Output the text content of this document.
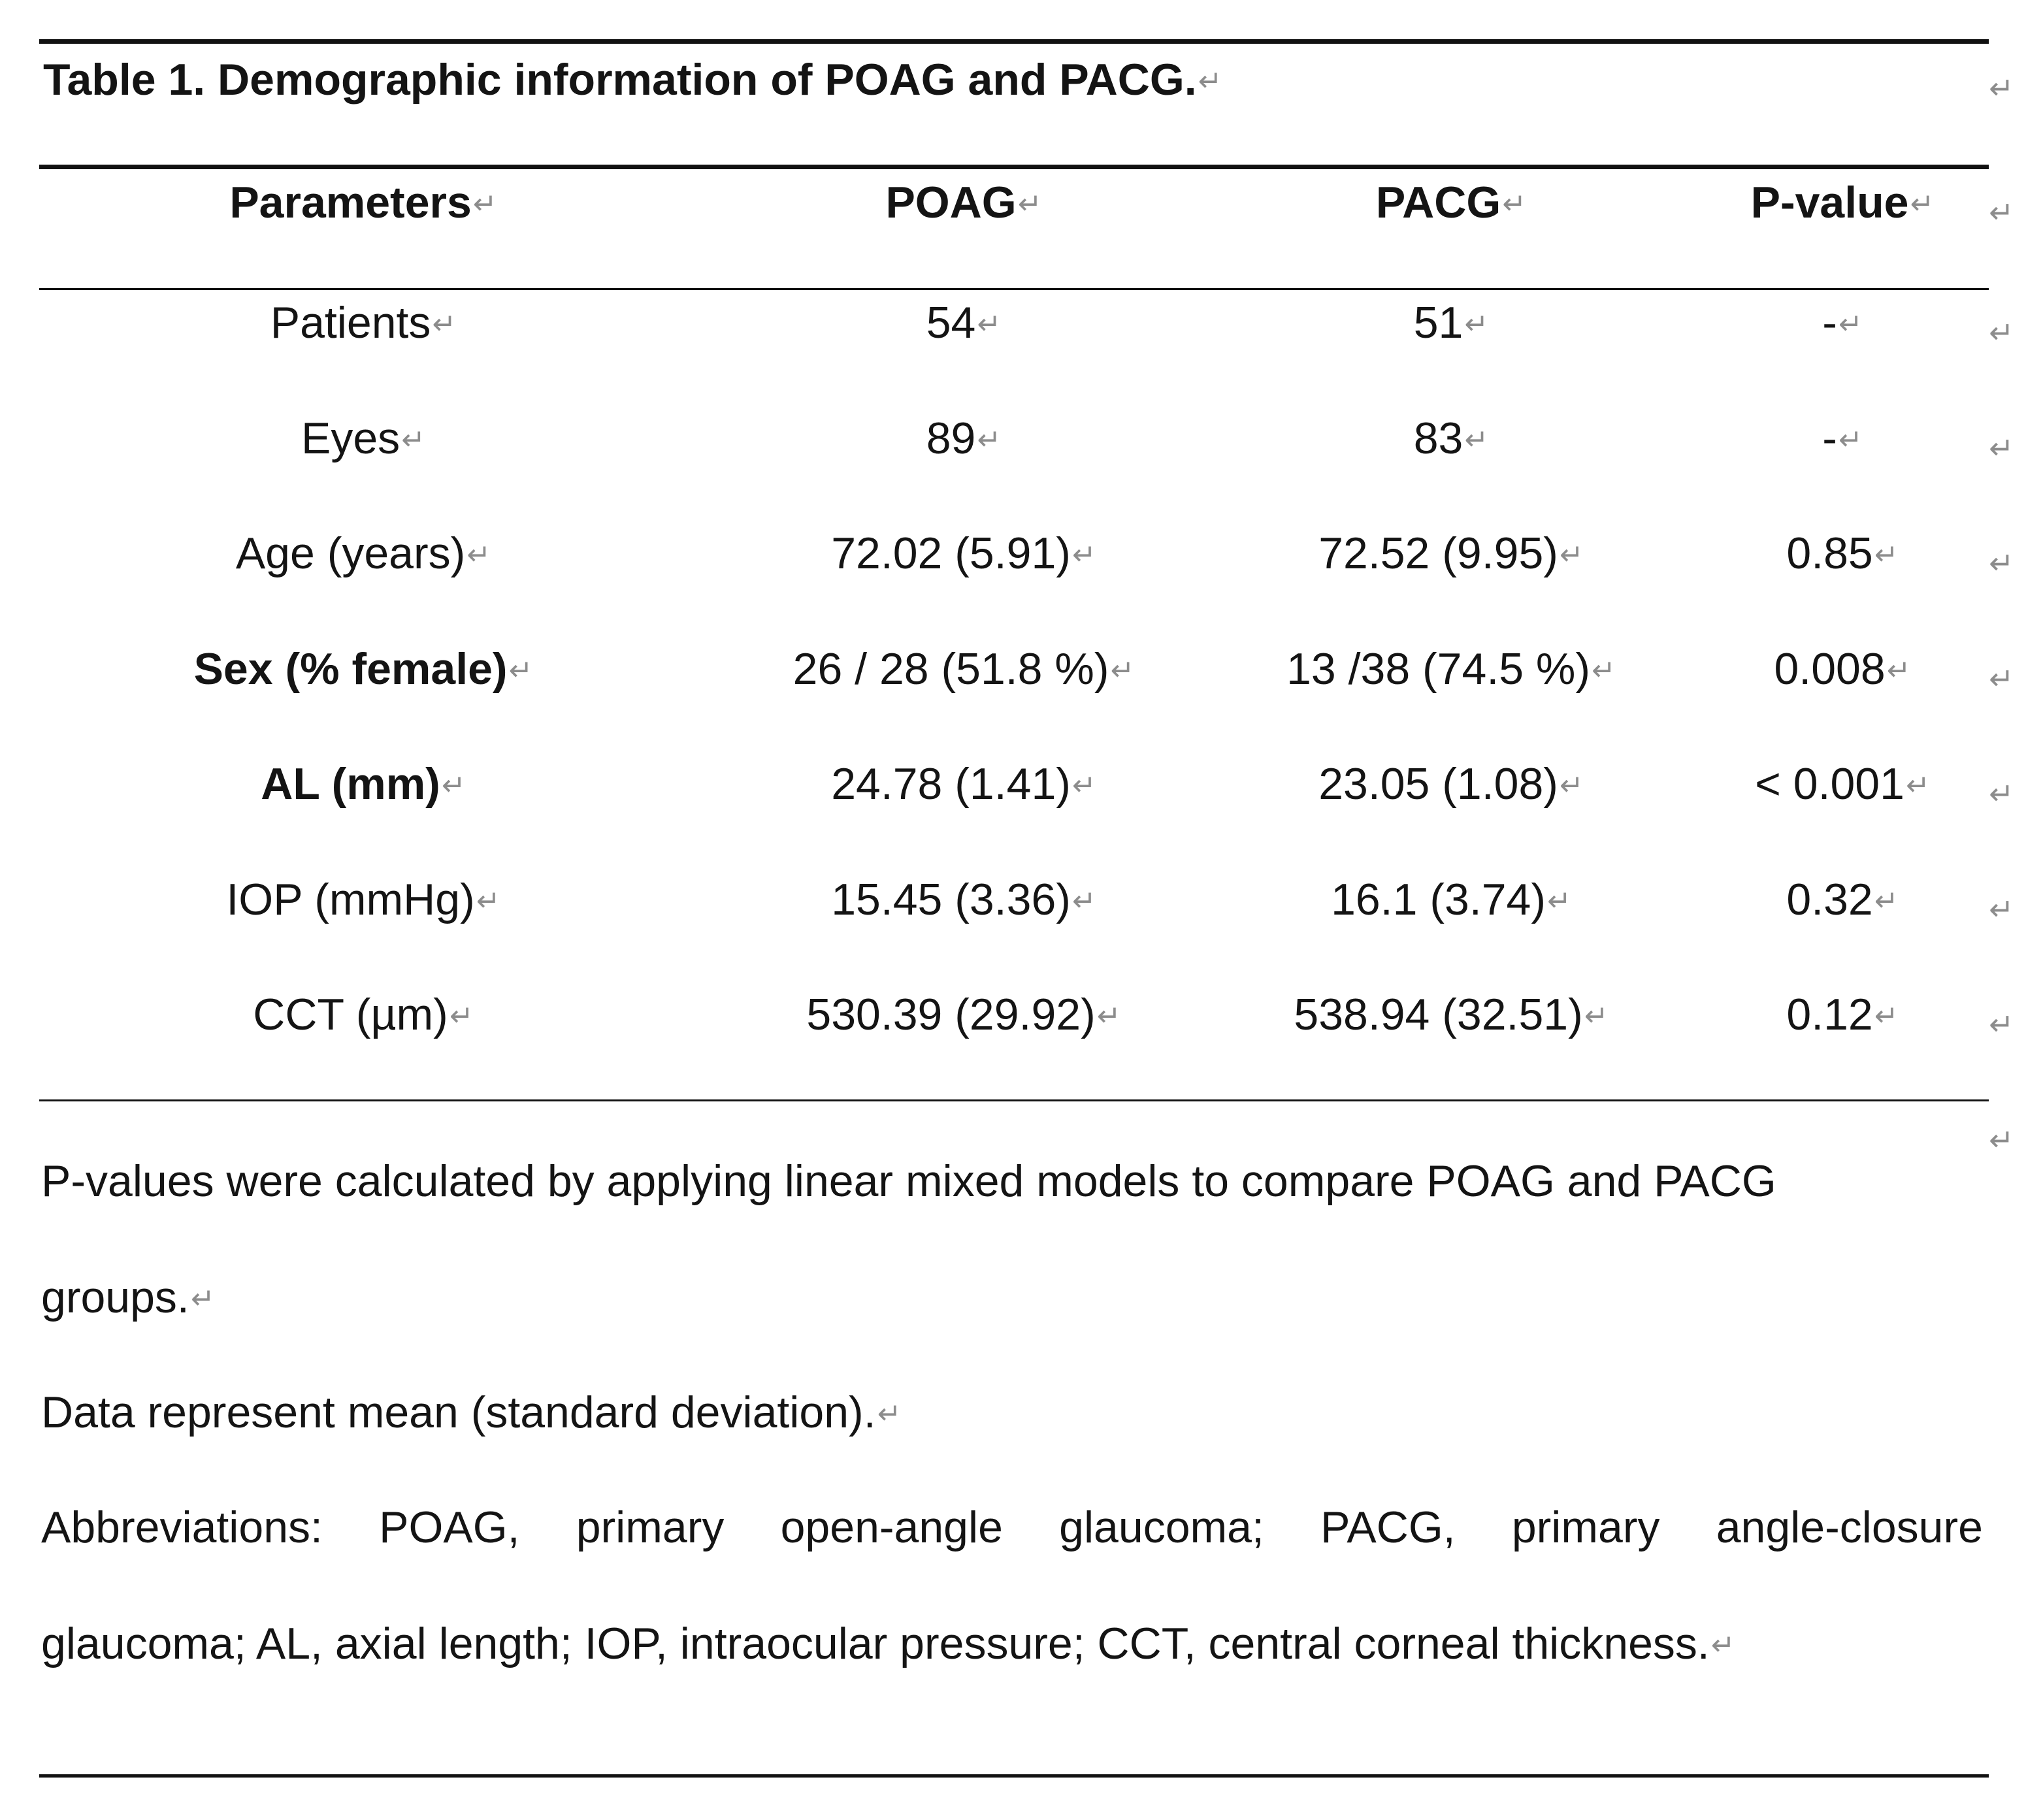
Table 1. Demographic information of POAG and PACG.↵	↵
Parameters↵	POAG↵	PACG↵	P-value↵ ↵
Patients↵	54↵	51↵	-↵	↵
Eyes↵	89↵	83↵	-↵	↵
Age (years)↵	72.02 (5.91)↵	72.52 (9.95)↵	0.85↵	↵
Sex (% female)↵	26 / 28 (51.8 %)↵	13 /38 (74.5 %)↵	0.008↵	↵
AL (mm)↵	24.78 (1.41)↵	23.05 (1.08)↵	< 0.001↵ ↵
IOP (mmHg)↵	15.45 (3.36)↵	16.1 (3.74)↵	0.32↵	↵
CCT (µm)↵	530.39 (29.92)↵	538.94 (32.51)↵	0.12↵	↵
↵
P-values were calculated by applying linear mixed models to compare POAG and PACG
groups.↵
Data represent mean (standard deviation).↵
Abbreviations: POAG, primary open-angle glaucoma; PACG, primary angle-closure
glaucoma; AL, axial length; IOP, intraocular pressure; CCT, central corneal thickness.↵
